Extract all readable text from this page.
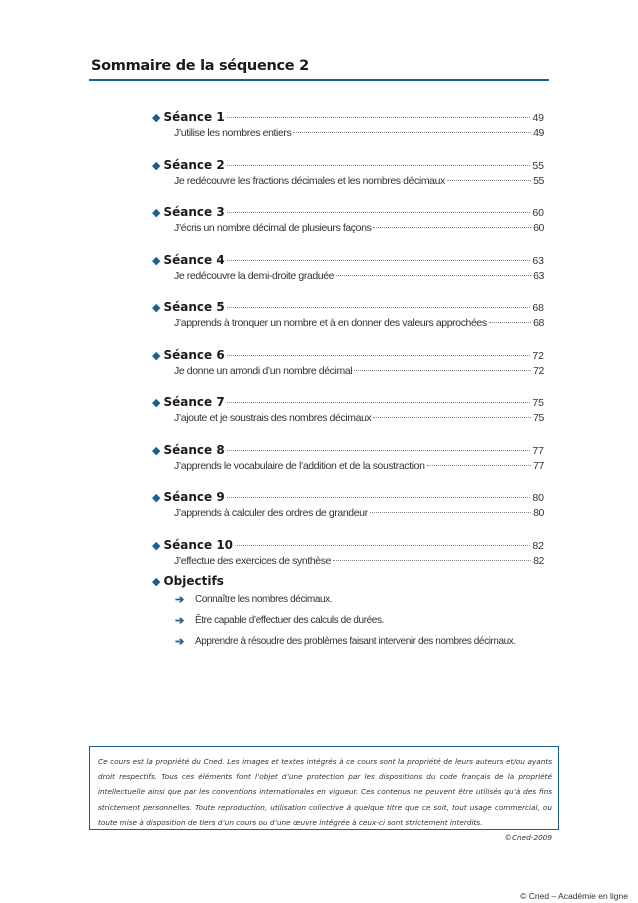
Sommaire de la séquence 2
◆ Séance 1	49
J’utilise les nombres entiers	49
◆ Séance 2	55
Je redécouvre les fractions décimales et les nombres décimaux	55
◆ Séance 3	60
J’écris un nombre décimal de plusieurs façons	60
◆ Séance 4	63
Je redécouvre la demi-droite graduée	63
◆ Séance 5	68
J’apprends à tronquer un nombre et à en donner des valeurs approchées	68
◆ Séance 6	72
Je donne un arrondi d’un nombre décimal	72
◆ Séance 7	75
J’ajoute et je soustrais des nombres décimaux	75
◆ Séance 8	77
J’apprends le vocabulaire de l’addition et de la soustraction	77
◆ Séance 9	80
J’apprends à calculer des ordres de grandeur	80
◆ Séance 10	82
J’effectue des exercices de synthèse	82
◆ Objectifs
➔	Connaître les nombres décimaux.
➔	Être capable d’effectuer des calculs de durées.
➔	Apprendre à résoudre des problèmes faisant intervenir des nombres décimaux.
Ce cours est la propriété du Cned. Les images et textes intégrés à ce cours sont la propriété de leurs auteurs et/ou ayants droit respectifs. Tous ces éléments font l’objet d’une protection par les dispositions du code français de la propriété intellectuelle ainsi que par les conventions internationales en vigueur. Ces contenus ne peuvent être utilisés qu’à des fins strictement personnelles. Toute reproduction, utilisation collective à quelque titre que ce soit, tout usage commercial, ou toute mise à disposition de tiers d’un cours ou d’une œuvre intégrée à ceux-ci sont strictement interdits.
©Cned-2009
© Cned – Académie en ligne
